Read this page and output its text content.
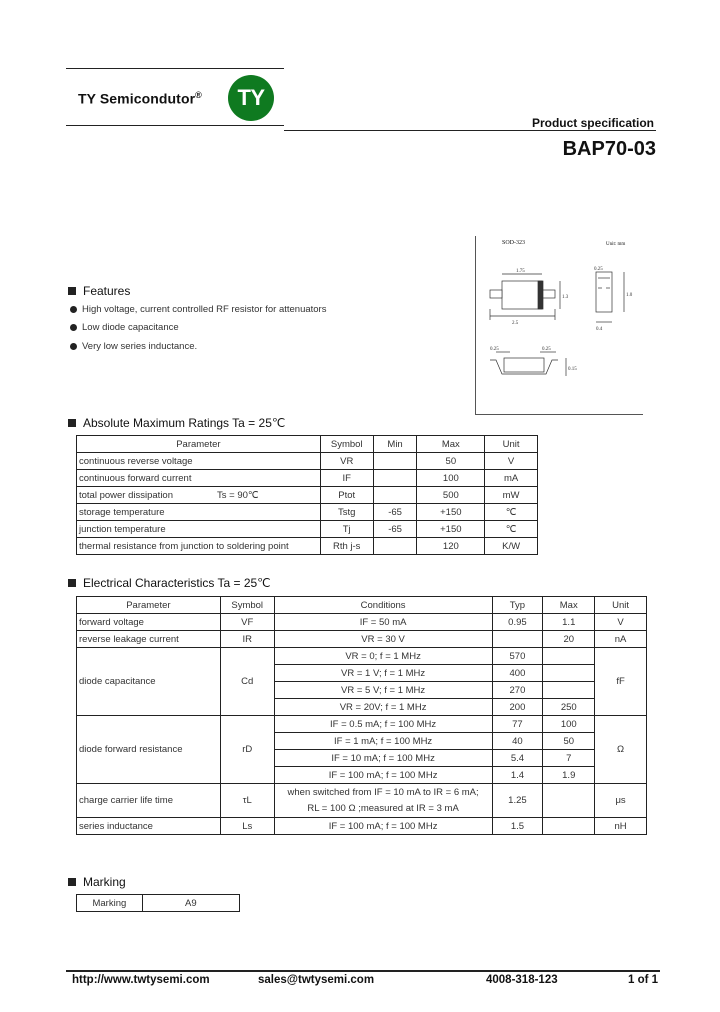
TY Semicondutor®	TY
Product specification
BAP70-03
SOD-323	Unit: mm
1.75
2.5
1.3
0.25
1.0
0.4
0.25	0.25
0.15
Features
High voltage, current controlled RF resistor for attenuators
Low diode capacitance
Very low series inductance.
Absolute Maximum Ratings Ta = 25℃
Parameter	Symbol	Min	Max	Unit
continuous reverse voltage	VR		50	V
continuous forward current	IF		100	mA
total power dissipation Ts = 90℃	Ptot		500	mW
storage temperature	Tstg	-65	+150	℃
junction temperature	Tj	-65	+150	℃
thermal resistance from junction to soldering point	Rth j-s		120	K/W
Electrical Characteristics Ta = 25℃
Parameter	Symbol	Conditions	Typ	Max	Unit
forward voltage	VF	IF = 50 mA	0.95	1.1	V
reverse leakage current	IR	VR = 30 V		20	nA
diode capacitance	Cd	VR = 0; f = 1 MHz	570		fF
		VR = 1 V; f = 1 MHz	400		
		VR = 5 V; f = 1 MHz	270		
		VR = 20V; f = 1 MHz	200	250	
diode forward resistance	rD	IF = 0.5 mA; f = 100 MHz	77	100	Ω
		IF = 1 mA; f = 100 MHz	40	50	
		IF = 10 mA; f = 100 MHz	5.4	7	
		IF = 100 mA; f = 100 MHz	1.4	1.9	
charge carrier life time	τL	when switched from IF = 10 mA to IR = 6 mA;
RL = 100 Ω ;measured at IR = 3 mA	1.25		μs
series inductance	Ls	IF = 100 mA; f = 100 MHz	1.5		nH
Marking
Marking	A9
http://www.twtysemi.com	sales@twtysemi.com	4008-318-123	1 of 1
